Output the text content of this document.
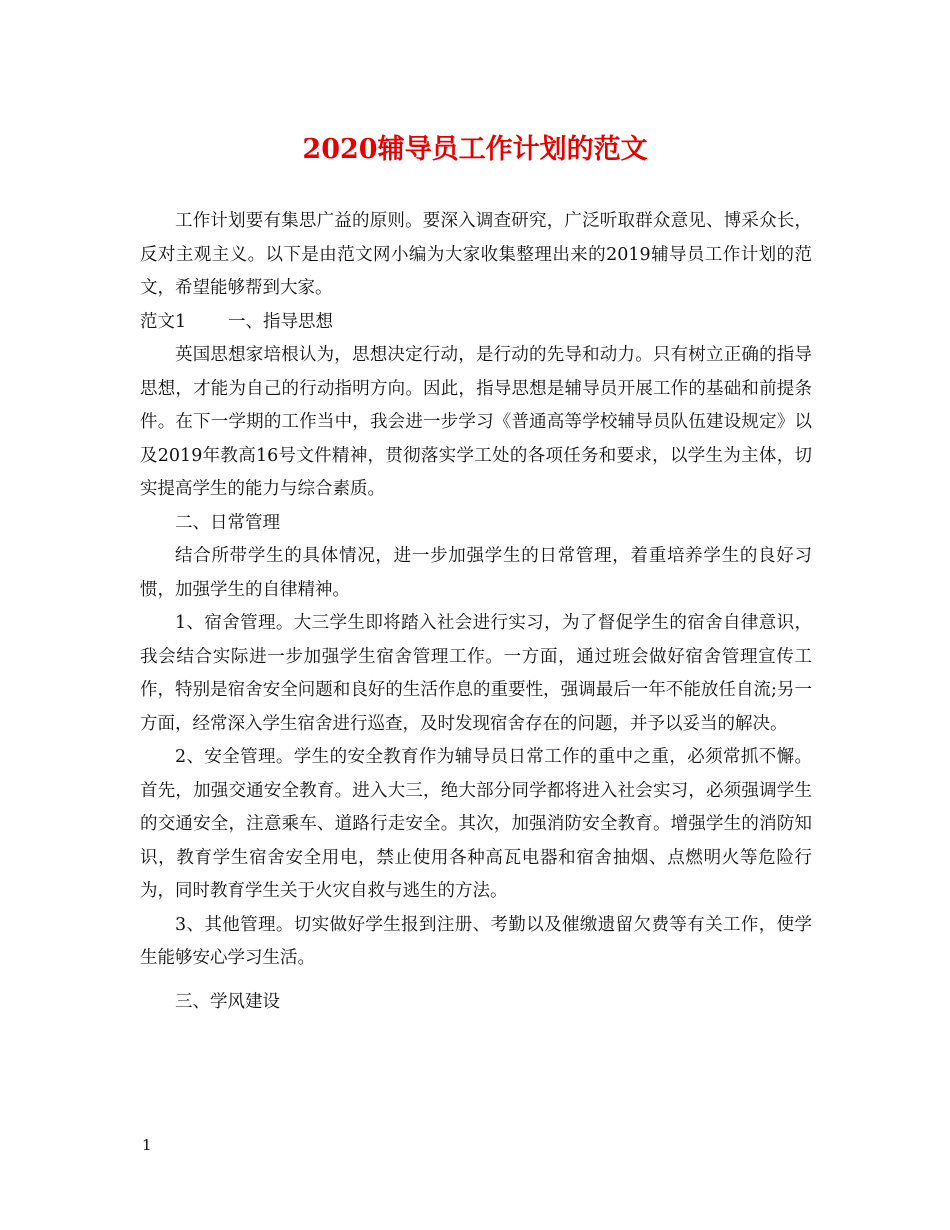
2020辅导员工作计划的范文

工作计划要有集思广益的原则。要深入调查研究，广泛听取群众意见、博采众长，反对主观主义。以下是由范文网小编为大家收集整理出来的2019辅导员工作计划的范文，希望能够帮到大家。

范文1	一、指导思想

英国思想家培根认为，思想决定行动，是行动的先导和动力。只有树立正确的指导思想，才能为自己的行动指明方向。因此，指导思想是辅导员开展工作的基础和前提条件。在下一学期的工作当中，我会进一步学习《普通高等学校辅导员队伍建设规定》以及2019年教高16号文件精神，贯彻落实学工处的各项任务和要求，以学生为主体，切实提高学生的能力与综合素质。

二、日常管理

结合所带学生的具体情况，进一步加强学生的日常管理，着重培养学生的良好习惯，加强学生的自律精神。

1、宿舍管理。大三学生即将踏入社会进行实习，为了督促学生的宿舍自律意识，我会结合实际进一步加强学生宿舍管理工作。一方面，通过班会做好宿舍管理宣传工作，特别是宿舍安全问题和良好的生活作息的重要性，强调最后一年不能放任自流;另一方面，经常深入学生宿舍进行巡查，及时发现宿舍存在的问题，并予以妥当的解决。

2、安全管理。学生的安全教育作为辅导员日常工作的重中之重，必须常抓不懈。首先，加强交通安全教育。进入大三，绝大部分同学都将进入社会实习，必须强调学生的交通安全，注意乘车、道路行走安全。其次，加强消防安全教育。增强学生的消防知识，教育学生宿舍安全用电，禁止使用各种高瓦电器和宿舍抽烟、点燃明火等危险行为，同时教育学生关于火灾自救与逃生的方法。

3、其他管理。切实做好学生报到注册、考勤以及催缴遗留欠费等有关工作，使学生能够安心学习生活。

三、学风建设

1
